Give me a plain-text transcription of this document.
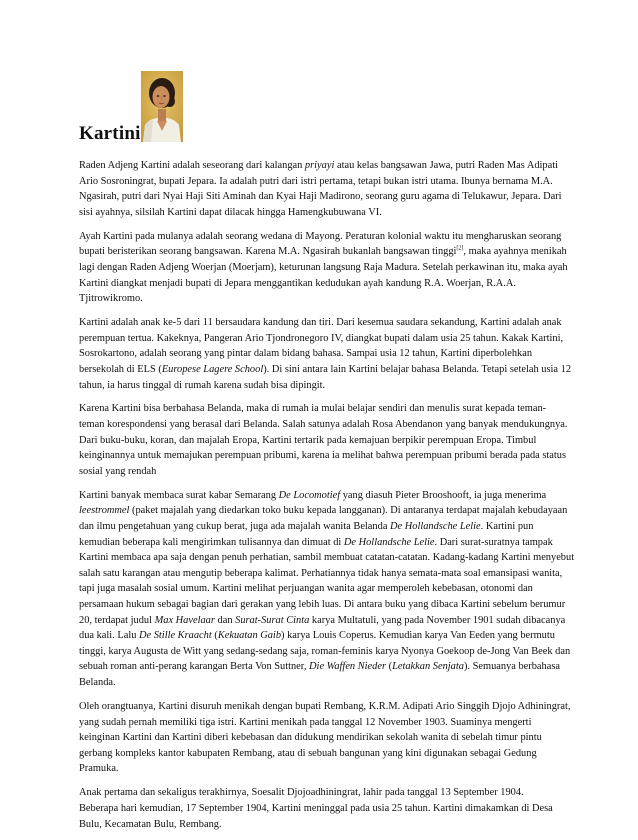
Kartini

Raden Adjeng Kartini adalah seseorang dari kalangan priyayi atau kelas bangsawan Jawa, putri Raden Mas Adipati Ario Sosroningrat, bupati Jepara. Ia adalah putri dari istri pertama, tetapi bukan istri utama. Ibunya bernama M.A. Ngasirah, putri dari Nyai Haji Siti Aminah dan Kyai Haji Madirono, seorang guru agama di Telukawur, Jepara. Dari sisi ayahnya, silsilah Kartini dapat dilacak hingga Hamengkubuwana VI.

Ayah Kartini pada mulanya adalah seorang wedana di Mayong. Peraturan kolonial waktu itu mengharuskan seorang bupati beristerikan seorang bangsawan. Karena M.A. Ngasirah bukanlah bangsawan tinggi[2], maka ayahnya menikah lagi dengan Raden Adjeng Woerjan (Moerjam), keturunan langsung Raja Madura. Setelah perkawinan itu, maka ayah Kartini diangkat menjadi bupati di Jepara menggantikan kedudukan ayah kandung R.A. Woerjan, R.A.A. Tjitrowikromo.

Kartini adalah anak ke-5 dari 11 bersaudara kandung dan tiri. Dari kesemua saudara sekandung, Kartini adalah anak perempuan tertua. Kakeknya, Pangeran Ario Tjondronegoro IV, diangkat bupati dalam usia 25 tahun. Kakak Kartini, Sosrokartono, adalah seorang yang pintar dalam bidang bahasa. Sampai usia 12 tahun, Kartini diperbolehkan bersekolah di ELS (Europese Lagere School). Di sini antara lain Kartini belajar bahasa Belanda. Tetapi setelah usia 12 tahun, ia harus tinggal di rumah karena sudah bisa dipingit.

Karena Kartini bisa berbahasa Belanda, maka di rumah ia mulai belajar sendiri dan menulis surat kepada teman-teman korespondensi yang berasal dari Belanda. Salah satunya adalah Rosa Abendanon yang banyak mendukungnya. Dari buku-buku, koran, dan majalah Eropa, Kartini tertarik pada kemajuan berpikir perempuan Eropa. Timbul keinginannya untuk memajukan perempuan pribumi, karena ia melihat bahwa perempuan pribumi berada pada status sosial yang rendah

Kartini banyak membaca surat kabar Semarang De Locomotief yang diasuh Pieter Brooshooft, ia juga menerima leestrommel (paket majalah yang diedarkan toko buku kepada langganan). Di antaranya terdapat majalah kebudayaan dan ilmu pengetahuan yang cukup berat, juga ada majalah wanita Belanda De Hollandsche Lelie. Kartini pun kemudian beberapa kali mengirimkan tulisannya dan dimuat di De Hollandsche Lelie. Dari surat-suratnya tampak Kartini membaca apa saja dengan penuh perhatian, sambil membuat catatan-catatan. Kadang-kadang Kartini menyebut salah satu karangan atau mengutip beberapa kalimat. Perhatiannya tidak hanya semata-mata soal emansipasi wanita, tapi juga masalah sosial umum. Kartini melihat perjuangan wanita agar memperoleh kebebasan, otonomi dan persamaan hukum sebagai bagian dari gerakan yang lebih luas. Di antara buku yang dibaca Kartini sebelum berumur 20, terdapat judul Max Havelaar dan Surat-Surat Cinta karya Multatuli, yang pada November 1901 sudah dibacanya dua kali. Lalu De Stille Kraacht (Kekuatan Gaib) karya Louis Coperus. Kemudian karya Van Eeden yang bermutu tinggi, karya Augusta de Witt yang sedang-sedang saja, roman-feminis karya Nyonya Goekoop de-Jong Van Beek dan sebuah roman anti-perang karangan Berta Von Suttner, Die Waffen Nieder (Letakkan Senjata). Semuanya berbahasa Belanda.

Oleh orangtuanya, Kartini disuruh menikah dengan bupati Rembang, K.R.M. Adipati Ario Singgih Djojo Adhiningrat, yang sudah pernah memiliki tiga istri. Kartini menikah pada tanggal 12 November 1903. Suaminya mengerti keinginan Kartini dan Kartini diberi kebebasan dan didukung mendirikan sekolah wanita di sebelah timur pintu gerbang kompleks kantor kabupaten Rembang, atau di sebuah bangunan yang kini digunakan sebagai Gedung Pramuka.

Anak pertama dan sekaligus terakhirnya, Soesalit Djojoadhiningrat, lahir pada tanggal 13 September 1904. Beberapa hari kemudian, 17 September 1904, Kartini meninggal pada usia 25 tahun. Kartini dimakamkan di Desa Bulu, Kecamatan Bulu, Rembang.
